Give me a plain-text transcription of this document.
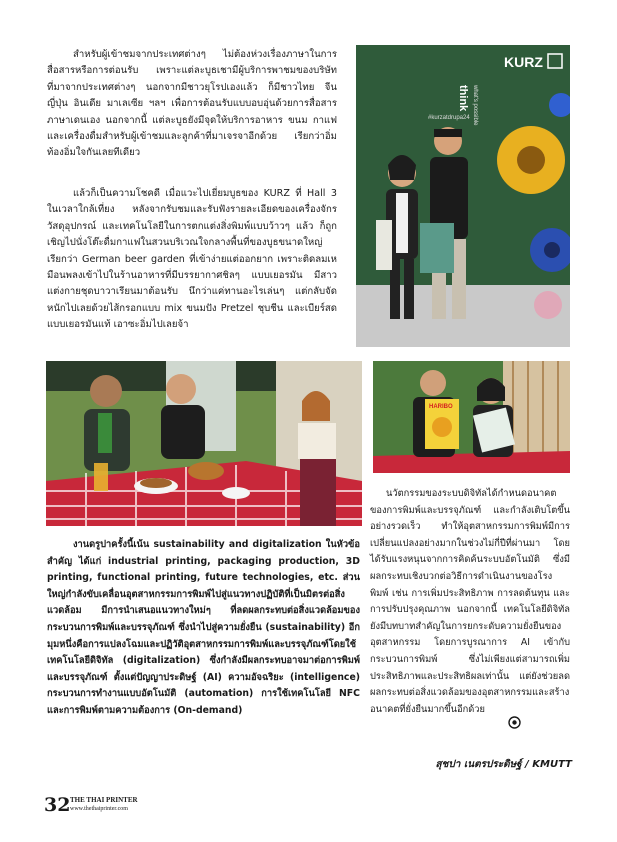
สำหรับผู้เข้าชมจากประเทศต่างๆ ไม่ต้องห่วงเรื่องภาษาในการสื่อสารหรือการต่อนรับ เพราะแต่ละบูธเชามีผู้บริการพาชมของบริษัทที่มาจากประเทศต่างๆ นอกจากมีชาวยุโรปเองแล้ว ก็มีชาวไทย จีน ญี่ปุ่น อินเดีย มาเลเซีย ฯลฯ เพื่อการต้อนรับแบบอบอุ่นด้วยการสื่อสารภาษาเดนเอง นอกจากนี้ แต่ละบูธยังมีจุดให้บริการอาหาร ขนม กาแฟ และเครื่องดื่มสำหรับผู้เข้าชมและลูกค้าที่มาเจรจาอีกด้วย เรียกว่าอิ่มท้องอิ่มใจกันเลยทีเดียว

แล้วก็เป็นความโชคดี เมื่อแวะไปเยี่ยมบูธของ KURZ ที่ Hall 3 ในเวลาใกล้เที่ยง หลังจากรับชมและรับฟังรายละเอียดของเครื่องจักร วัสดุอุปกรณ์ และเทคโนโลยีในการตกแต่งสิ่งพิมพ์แบบว้าวๆ แล้ว ก็ถูกเชิญไปนั่งโต๊ะดื่มกาแฟในสวนบริเวณใจกลางพื้นที่ของบูธขนาดใหญ่ เรียกว่า German beer garden ที่เข้าง่ายแต่ออกยาก เพราะติดลมเหมือนพลงเข้าไปในร้านอาหารที่มีบรรยากาศชิลๆ แบบเยอรมัน มีสาวแต่งกายชุดบาวาเรียนมาต้อนรับ นึกว่าแค่ทานอะไรเล่นๆ แต่กลับจัดหนักไปเลยด้วยไส้กรอกแบบ mix ขนมปัง Pretzel ชุบชีน และเบียร์สดแบบเยอรมันแท้ เอาซะอิ่มไปเลยจ้า

KURZ
think what's possible
#kurzatdrupa24
HARIBO

งานดรูปาครั้งนี้เน้น sustainability and digitalization ในหัวข้อสำคัญ ได้แก่ industrial printing, packaging production, 3D printing, functional printing, future technologies, etc. ส่วนใหญ่กำลังขับเคลื่อนอุตสาหกรรมการพิมพ์ไปสู่แนวทางปฏิบัติที่เป็นมิตรต่อสิ่งแวดล้อม มีการนำเสนอแนวทางใหม่ๆ ที่ลดผลกระทบต่อสิ่งแวดล้อมของกระบวนการพิมพ์และบรรจุภัณฑ์ ซึ่งนำไปสู่ความยั่งยืน (sustainability) อีกมุมหนึ่งคือการแปลงโฉมและปฏิวัติอุตสาหกรรมการพิมพ์และบรรจุภัณฑ์โดยใช้เทคโนโลยีดิจิทัล (digitalization) ซึ่งกำลังมีผลกระทบอาจมาต่อการพิมพ์และบรรจุภัณฑ์ ตั้งแต่ปัญญาประดิษฐ์ (AI) ความอัจฉริยะ (intelligence) กระบวนการทำงานแบบอัตโนมัติ (automation) การใช้เทคโนโลยี NFC และการพิมพ์ตามความต้องการ (On-demand)

นวัตกรรมของระบบดิจิทัลได้กำหนดอนาคตของการพิมพ์และบรรจุภัณฑ์ และกำลังเติบโตขึ้นอย่างรวดเร็ว ทำให้อุตสาหกรรมการพิมพ์มีการเปลี่ยนแปลงอย่างมากในช่วงไม่กี่ปีที่ผ่านมา โดยได้รับแรงหนุนจากการคิดค้นระบบอัตโนมัติ ซึ่งมีผลกระทบเชิงบวกต่อวิธีการดำเนินงานของโรงพิมพ์ เช่น การเพิ่มประสิทธิภาพ การลดต้นทุน และการปรับปรุงคุณภาพ นอกจากนี้ เทคโนโลยีดิจิทัลยังมีบทบาทสำคัญในการยกระดับความยั่งยืนของอุตสาหกรรม โดยการบูรณาการ AI เข้ากับกระบวนการพิมพ์ ซึ่งไม่เพียงแต่สามารถเพิ่มประสิทธิภาพและประสิทธิผลเท่านั้น แต่ยังช่วยลดผลกระทบต่อสิ่งแวดล้อมของอุตสาหกรรมและสร้างอนาคตที่ยั่งยืนมากขึ้นอีกด้วย

สุชปา เนตรประดิษฐ์ / KMUTT
32 THE THAI PRINTER
www.thethaiprinter.com
